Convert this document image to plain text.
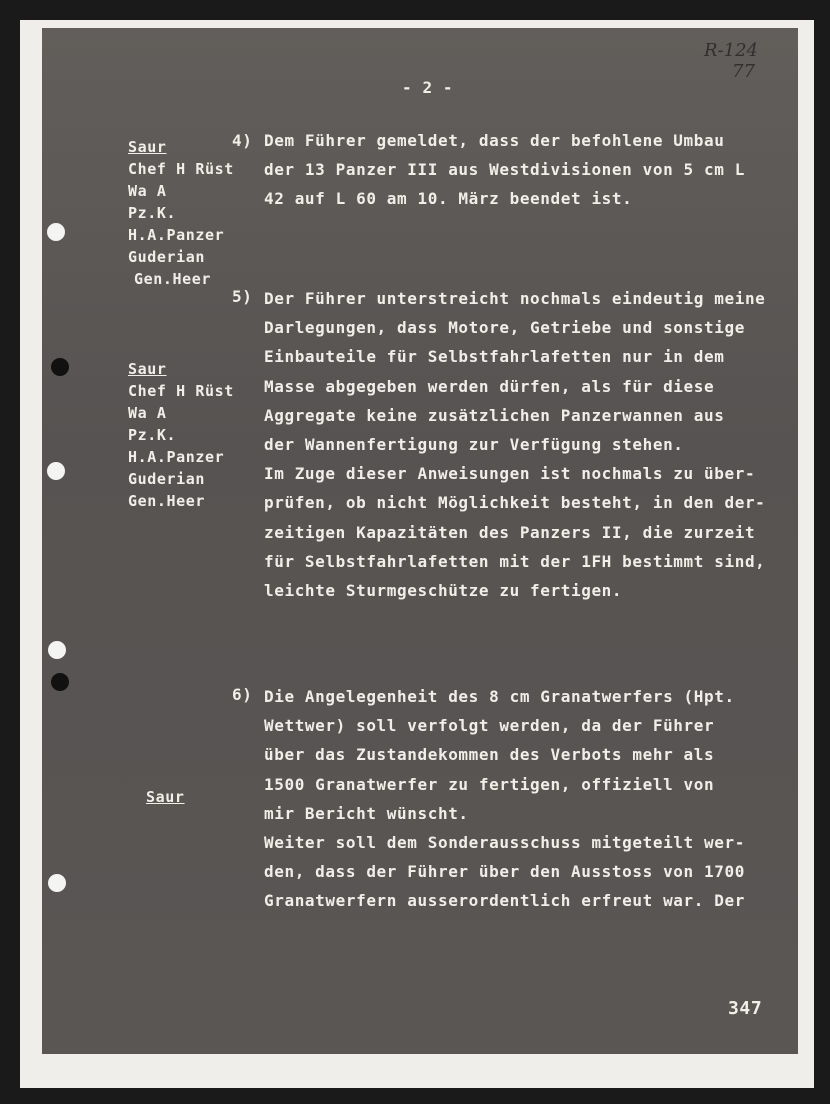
R-124
77
- 2 -
Saur
Chef H Rüst
Wa A
Pz.K.
H.A.Panzer
Guderian
Gen.Heer
4) Dem Führer gemeldet, dass der befohlene Umbau
der 13 Panzer III aus Westdivisionen von 5 cm L
42 auf L 60 am 10. März beendet ist.
5) Der Führer unterstreicht nochmals eindeutig meine
Darlegungen, dass Motore, Getriebe und sonstige
Einbauteile für Selbstfahrlafetten nur in dem
Masse abgegeben werden dürfen, als für diese
Aggregate keine zusätzlichen Panzerwannen aus
der Wannenfertigung zur Verfügung stehen.
Im Zuge dieser Anweisungen ist nochmals zu über-
prüfen, ob nicht Möglichkeit besteht, in den der-
zeitigen Kapazitäten des Panzers II, die zurzeit
für Selbstfahrlafetten mit der 1FH bestimmt sind,
leichte Sturmgeschütze zu fertigen.
Saur
Chef H Rüst
Wa A
Pz.K.
H.A.Panzer
Guderian
Gen.Heer
6) Die Angelegenheit des 8 cm Granatwerfers (Hpt.
Wettwer) soll verfolgt werden, da der Führer
über das Zustandekommen des Verbots mehr als
1500 Granatwerfer zu fertigen, offiziell von
mir Bericht wünscht.
Weiter soll dem Sonderausschuss mitgeteilt wer-
den, dass der Führer über den Ausstoss von 1700
Granatwerfern ausserordentlich erfreut war. Der
Saur
347
